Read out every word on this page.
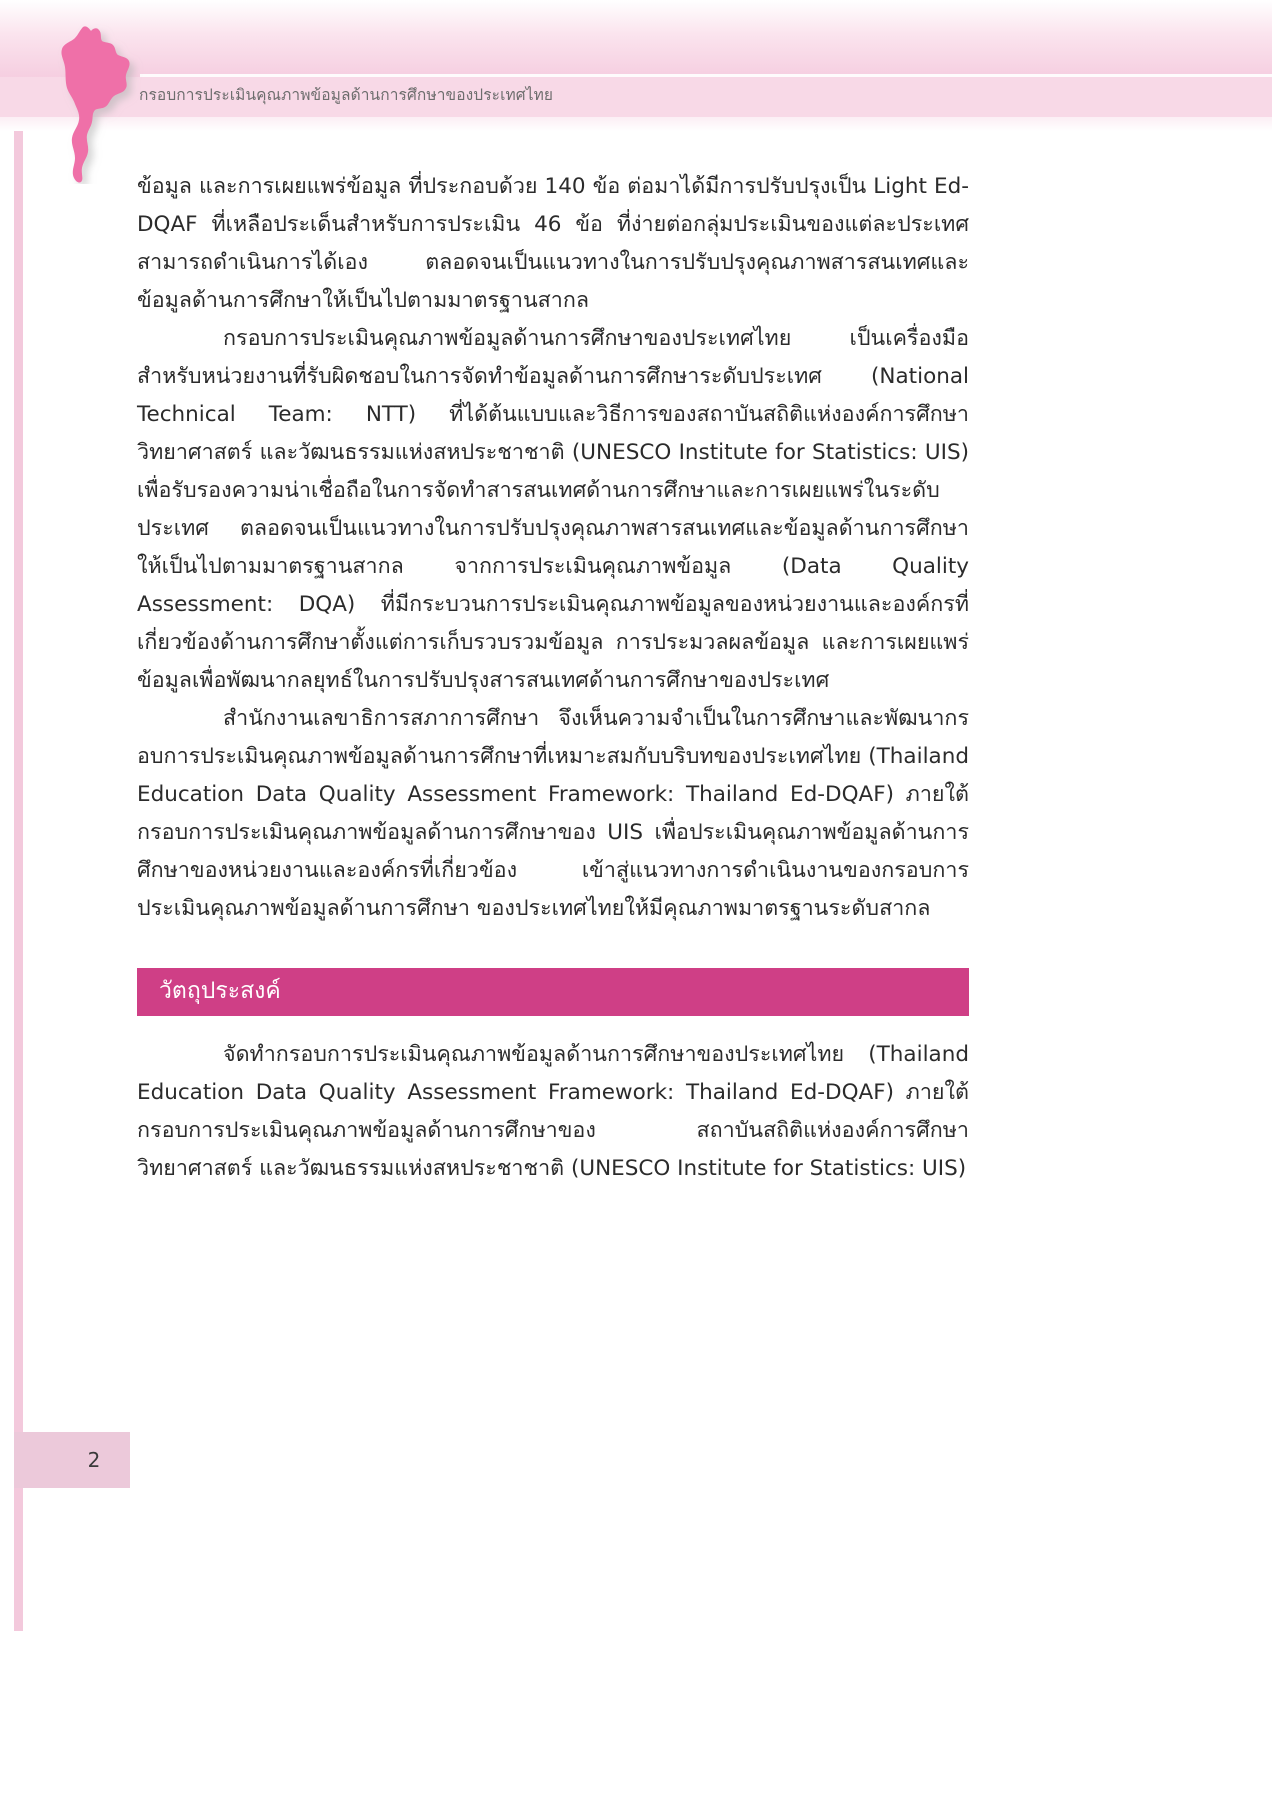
กรอบการประเมินคุณภาพข้อมูลด้านการศึกษาของประเทศไทย

ข้อมูล และการเผยแพร่ข้อมูล ที่ประกอบด้วย 140 ข้อ ต่อมาได้มีการปรับปรุงเป็น Light Ed-DQAF ที่เหลือประเด็นสำหรับการประเมิน 46 ข้อ ที่ง่ายต่อกลุ่มประเมินของแต่ละประเทศสามารถดำเนินการได้เอง ตลอดจนเป็นแนวทางในการปรับปรุงคุณภาพสารสนเทศและข้อมูลด้านการศึกษาให้เป็นไปตามมาตรฐานสากล

กรอบการประเมินคุณภาพข้อมูลด้านการศึกษาของประเทศไทย เป็นเครื่องมือสำหรับหน่วยงานที่รับผิดชอบในการจัดทำข้อมูลด้านการศึกษาระดับประเทศ (National Technical Team: NTT) ที่ได้ต้นแบบและวิธีการของสถาบันสถิติแห่งองค์การศึกษา วิทยาศาสตร์ และวัฒนธรรมแห่งสหประชาชาติ (UNESCO Institute for Statistics: UIS) เพื่อรับรองความน่าเชื่อถือในการจัดทำสารสนเทศด้านการศึกษาและการเผยแพร่ในระดับประเทศ ตลอดจนเป็นแนวทางในการปรับปรุงคุณภาพสารสนเทศและข้อมูลด้านการศึกษาให้เป็นไปตามมาตรฐานสากล จากการประเมินคุณภาพข้อมูล (Data Quality Assessment: DQA) ที่มีกระบวนการประเมินคุณภาพข้อมูลของหน่วยงานและองค์กรที่เกี่ยวข้องด้านการศึกษาตั้งแต่การเก็บรวบรวมข้อมูล การประมวลผลข้อมูล และการเผยแพร่ข้อมูลเพื่อพัฒนากลยุทธ์ในการปรับปรุงสารสนเทศด้านการศึกษาของประเทศ

สำนักงานเลขาธิการสภาการศึกษา จึงเห็นความจำเป็นในการศึกษาและพัฒนากรอบการประเมินคุณภาพข้อมูลด้านการศึกษาที่เหมาะสมกับบริบทของประเทศไทย (Thailand Education Data Quality Assessment Framework: Thailand Ed-DQAF) ภายใต้กรอบการประเมินคุณภาพข้อมูลด้านการศึกษาของ UIS เพื่อประเมินคุณภาพข้อมูลด้านการศึกษาของหน่วยงานและองค์กรที่เกี่ยวข้อง เข้าสู่แนวทางการดำเนินงานของกรอบการประเมินคุณภาพข้อมูลด้านการศึกษา ของประเทศไทยให้มีคุณภาพมาตรฐานระดับสากล

วัตถุประสงค์

จัดทำกรอบการประเมินคุณภาพข้อมูลด้านการศึกษาของประเทศไทย (Thailand Education Data Quality Assessment Framework: Thailand Ed-DQAF) ภายใต้กรอบการประเมินคุณภาพข้อมูลด้านการศึกษาของ สถาบันสถิติแห่งองค์การศึกษา วิทยาศาสตร์ และวัฒนธรรมแห่งสหประชาชาติ (UNESCO Institute for Statistics: UIS)

2
